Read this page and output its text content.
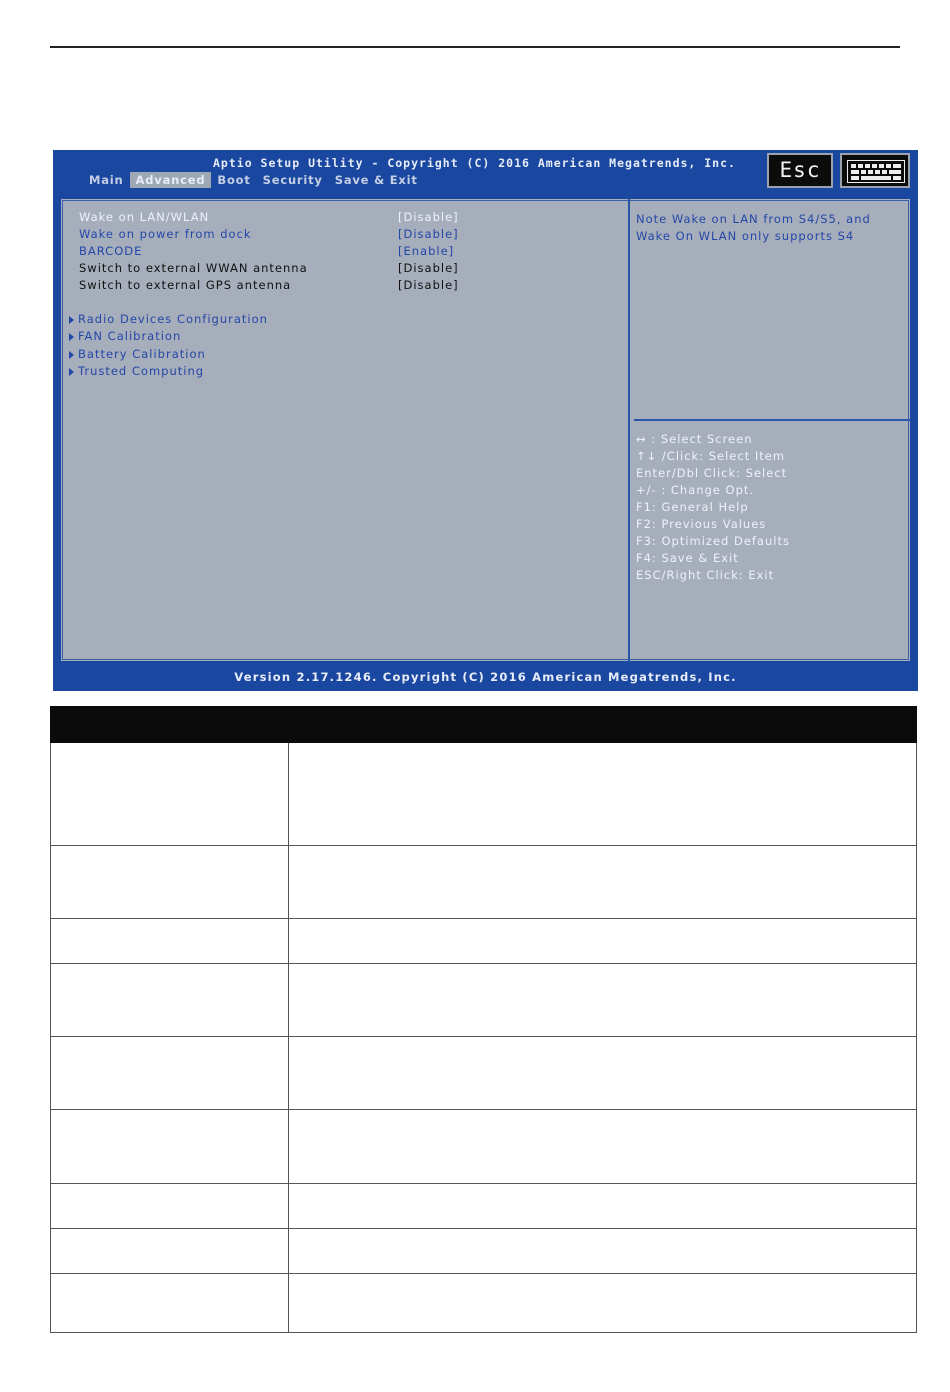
Aptio Setup Utility - Copyright (C) 2016 American Megatrends, Inc.
Main	Advanced	Boot	Security	Save & Exit	Esc
Wake on LAN/WLAN	[Disable]
Wake on power from dock	[Disable]
BARCODE	[Enable]
Switch to external WWAN antenna	[Disable]
Switch to external GPS antenna	[Disable]
Radio Devices Configuration
FAN Calibration
Battery Calibration
Trusted Computing
Note Wake on LAN from S4/S5, and Wake On WLAN only supports S4
↔ : Select Screen
↑↓ /Click: Select Item
Enter/Dbl Click: Select
+/- : Change Opt.
F1: General Help
F2: Previous Values
F3: Optimized Defaults
F4: Save & Exit
ESC/Right Click: Exit
Version 2.17.1246. Copyright (C) 2016 American Megatrends, Inc.
